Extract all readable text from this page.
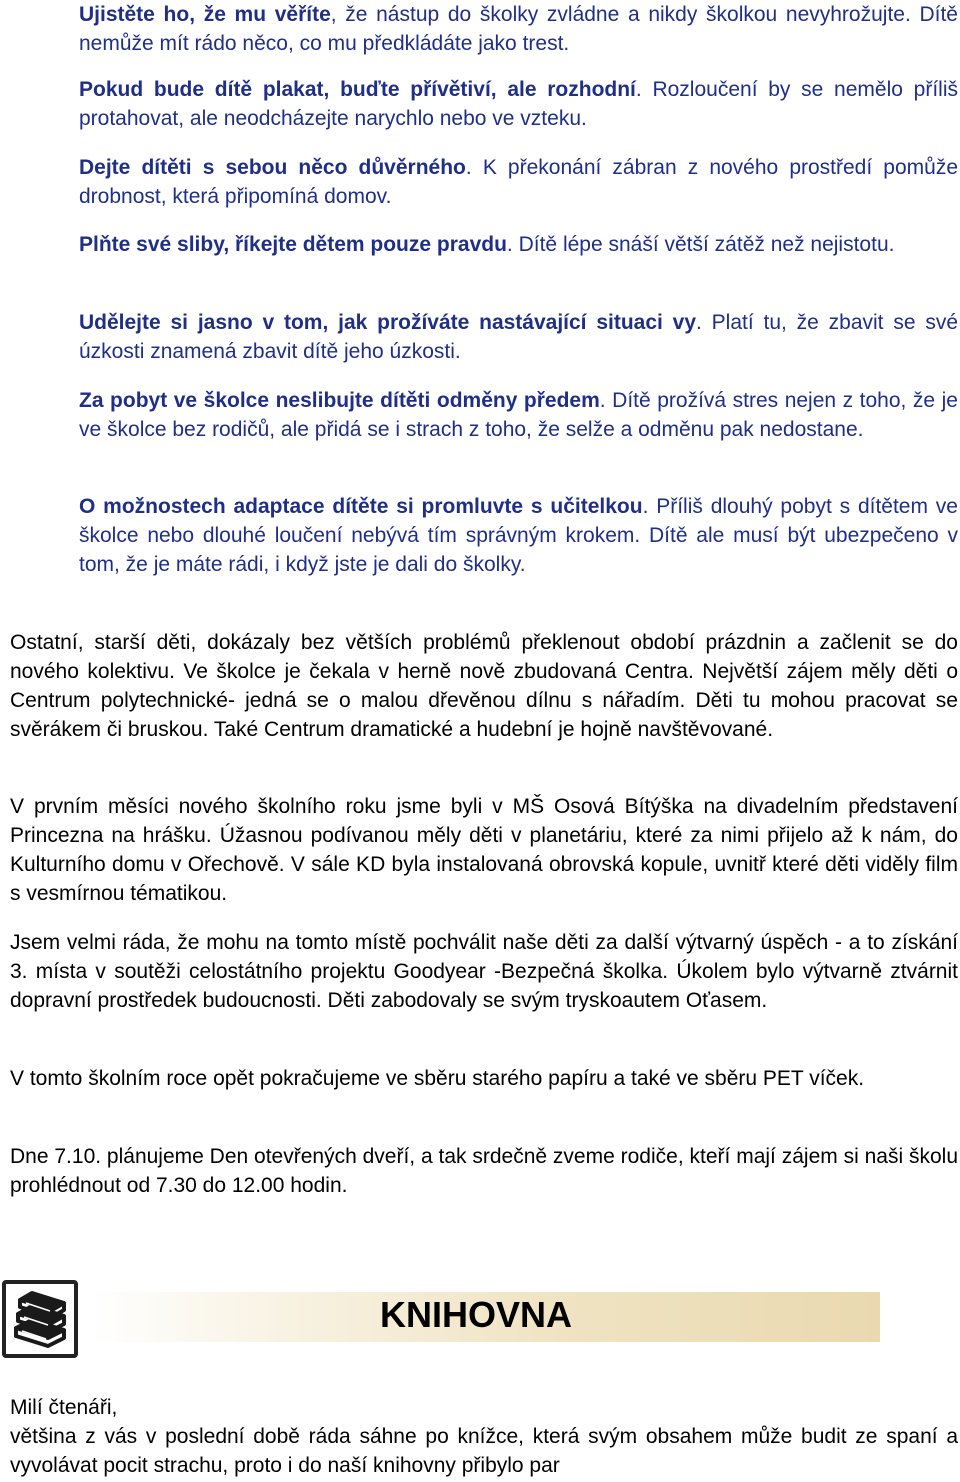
Ujistěte ho, že mu věříte, že nástup do školky zvládne a nikdy školkou nevyhrožujte. Dítě nemůže mít rádo něco, co mu předkládáte jako trest.
Pokud bude dítě plakat, buďte přívětiví, ale rozhodní. Rozloučení by se nemělo příliš protahovat, ale neodcházejte narychlo nebo ve vzteku.
Dejte dítěti s sebou něco důvěrného. K překonání zábran z nového prostředí pomůže drobnost, která připomíná domov.
Plňte své sliby, říkejte dětem pouze pravdu. Dítě lépe snáší větší zátěž než nejistotu.
Udělejte si jasno v tom, jak prožíváte nastávající situaci vy. Platí tu, že zbavit se své úzkosti znamená zbavit dítě jeho úzkosti.
Za pobyt ve školce neslibujte dítěti odměny předem. Dítě prožívá stres nejen z toho, že je ve školce bez rodičů, ale přidá se i strach z toho, že selže a odměnu pak nedostane.
O možnostech adaptace dítěte si promluvte s učitelkou. Příliš dlouhý pobyt s dítětem ve školce nebo dlouhé loučení nebývá tím správným krokem. Dítě ale musí být ubezpečeno v tom, že je máte rádi, i když jste je dali do školky.
Ostatní, starší děti, dokázaly bez větších problémů překlenout období prázdnin a začlenit se do nového kolektivu. Ve školce je čekala v herně nově zbudovaná Centra. Největší zájem měly děti o Centrum polytechnické- jedná se o malou dřevěnou dílnu s nářadím. Děti tu mohou pracovat se svěrákem či bruskou. Také Centrum dramatické a hudební je hojně navštěvované.
V prvním měsíci nového školního roku jsme byli v MŠ Osová Bítýška na divadelním představení Princezna na hrášku. Úžasnou podívanou měly děti v planetáriu, které za nimi přijelo až k nám, do Kulturního domu v Ořechově. V sále KD byla instalovaná obrovská kopule, uvnitř které děti viděly film s vesmírnou tématikou.
Jsem velmi ráda, že mohu na tomto místě pochválit naše děti za další výtvarný úspěch - a to získání 3. místa v soutěži celostátního projektu Goodyear -Bezpečná školka. Úkolem bylo výtvarně ztvárnit dopravní prostředek budoucnosti. Děti zabodovaly se svým tryskoautem Oťasem.
V tomto školním roce opět pokračujeme ve sběru starého papíru a také ve sběru PET víček.
Dne 7.10. plánujeme Den otevřených dveří, a tak srdečně zveme rodiče, kteří mají zájem si naši školu prohlédnout od 7.30 do 12.00 hodin.
KNIHOVNA
Milí čtenáři,
většina z vás v poslední době ráda sáhne po knížce, která svým obsahem může budit ze spaní a vyvolávat pocit strachu, proto i do naší knihovny přibylo par
